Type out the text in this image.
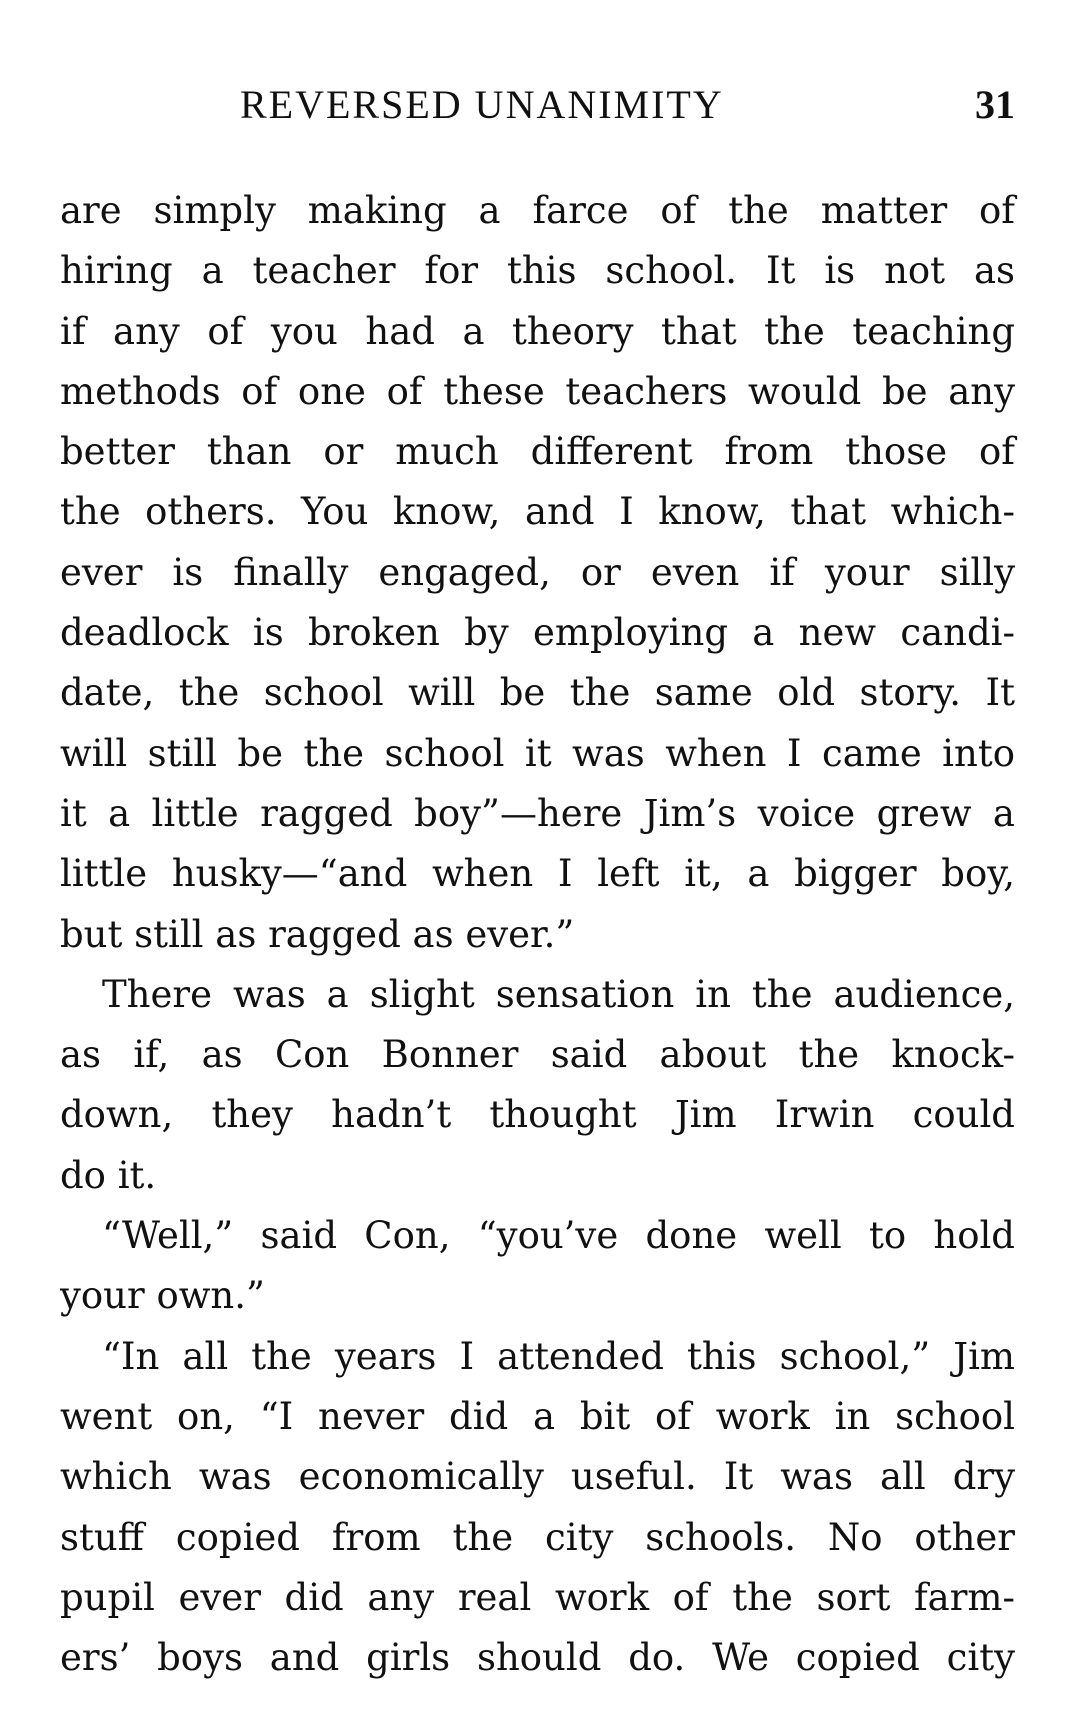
REVERSED UNANIMITY	31
are simply making a farce of the matter of
hiring a teacher for this school. It is not as
if any of you had a theory that the teaching
methods of one of these teachers would be any
better than or much different from those of
the others. You know, and I know, that which-
ever is finally engaged, or even if your silly
deadlock is broken by employing a new candi-
date, the school will be the same old story. It
will still be the school it was when I came into
it a little ragged boy”—here Jim’s voice grew a
little husky—“and when I left it, a bigger boy,
but still as ragged as ever.”
There was a slight sensation in the audience,
as if, as Con Bonner said about the knock-
down, they hadn’t thought Jim Irwin could
do it.
“Well,” said Con, “you’ve done well to hold
your own.”
“In all the years I attended this school,” Jim
went on, “I never did a bit of work in school
which was economically useful. It was all dry
stuff copied from the city schools. No other
pupil ever did any real work of the sort farm-
ers’ boys and girls should do. We copied city
